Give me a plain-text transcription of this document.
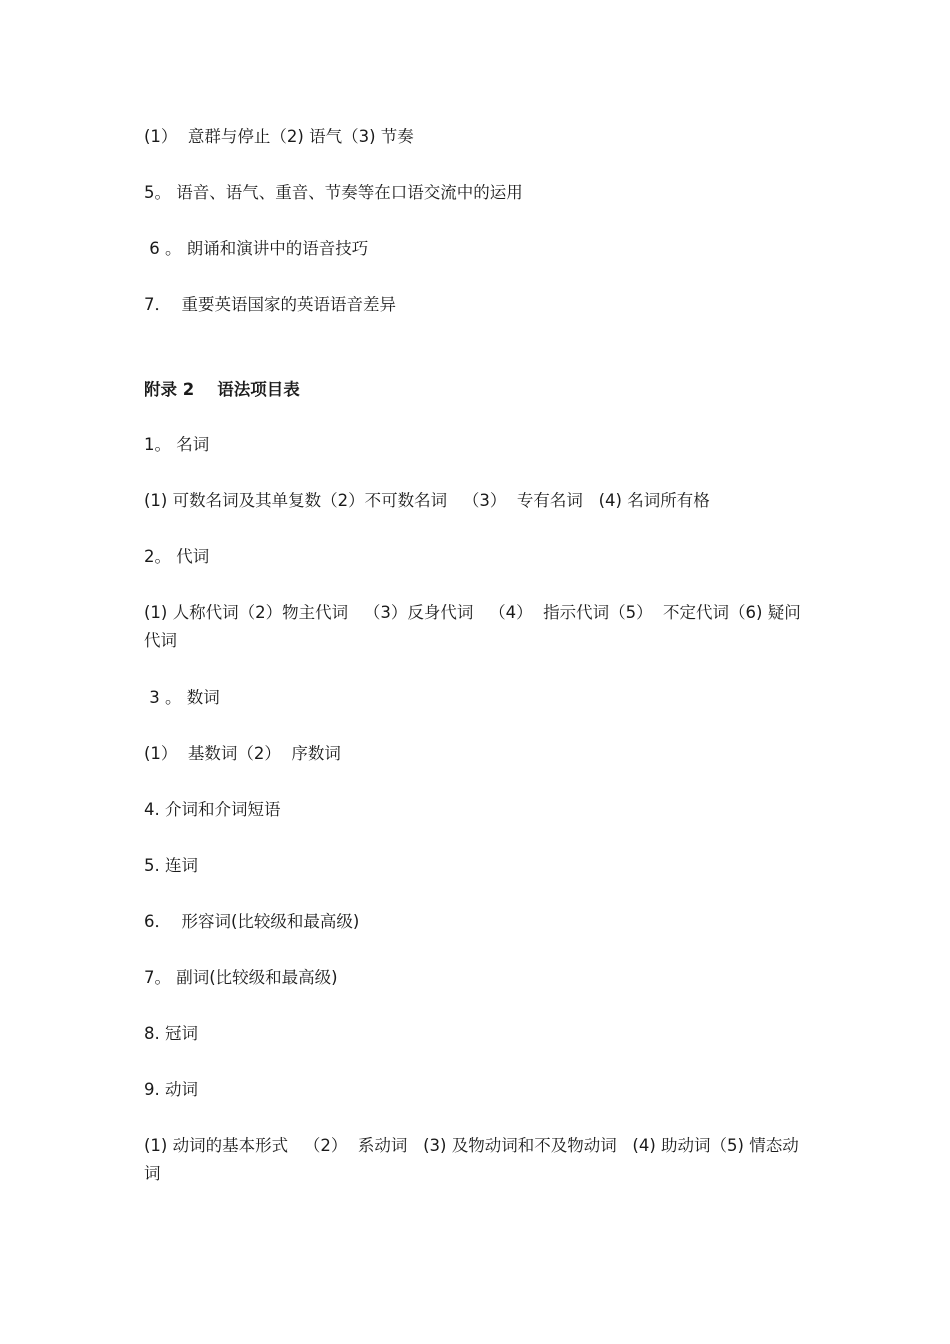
(1）  意群与停止（2) 语气（3) 节奏
5。 语音、语气、重音、节奏等在口语交流中的运用
6 。 朗诵和演讲中的语音技巧
7．  重要英语国家的英语语音差异
附录 2    语法项目表
1。 名词
(1) 可数名词及其单复数（2）不可数名词   （3）  专有名词   (4) 名词所有格
2。 代词
(1) 人称代词（2）物主代词   （3）反身代词   （4）  指示代词（5）  不定代词（6) 疑问代词
3 。 数词
(1）  基数词（2）  序数词
4. 介词和介词短语
5. 连词
6．  形容词(比较级和最高级)
7。 副词(比较级和最高级)
8. 冠词
9. 动词
(1) 动词的基本形式   （2）  系动词   (3) 及物动词和不及物动词   (4) 助动词（5) 情态动词
